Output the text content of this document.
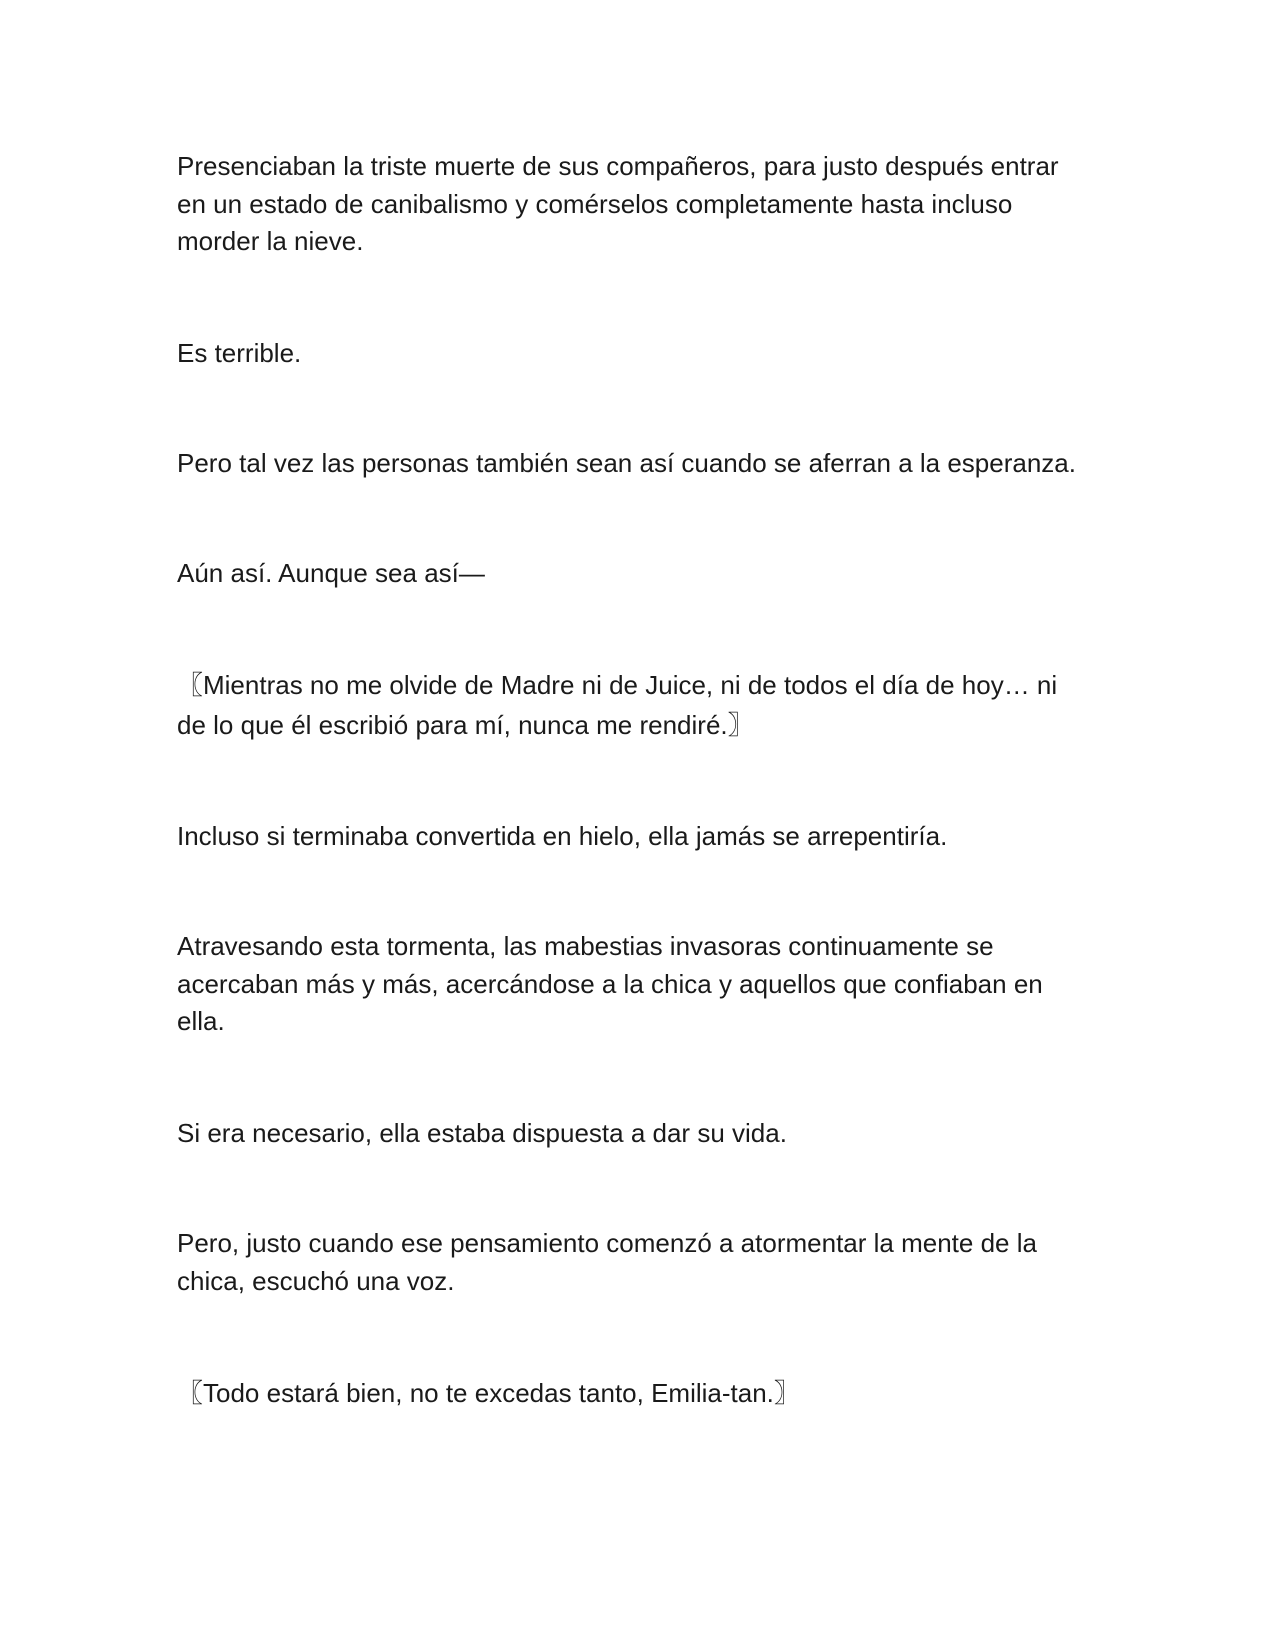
Presenciaban la triste muerte de sus compañeros, para justo después entrar
en un estado de canibalismo y comérselos completamente hasta incluso
morder la nieve.

Es terrible.

Pero tal vez las personas también sean así cuando se aferran a la esperanza.

Aún así. Aunque sea así—

〖Mientras no me olvide de Madre ni de Juice, ni de todos el día de hoy… ni
de lo que él escribió para mí, nunca me rendiré.〗

Incluso si terminaba convertida en hielo, ella jamás se arrepentiría.

Atravesando esta tormenta, las mabestias invasoras continuamente se
acercaban más y más, acercándose a la chica y aquellos que confiaban en
ella.

Si era necesario, ella estaba dispuesta a dar su vida.

Pero, justo cuando ese pensamiento comenzó a atormentar la mente de la
chica, escuchó una voz.

〖Todo estará bien, no te excedas tanto, Emilia-tan.〗
